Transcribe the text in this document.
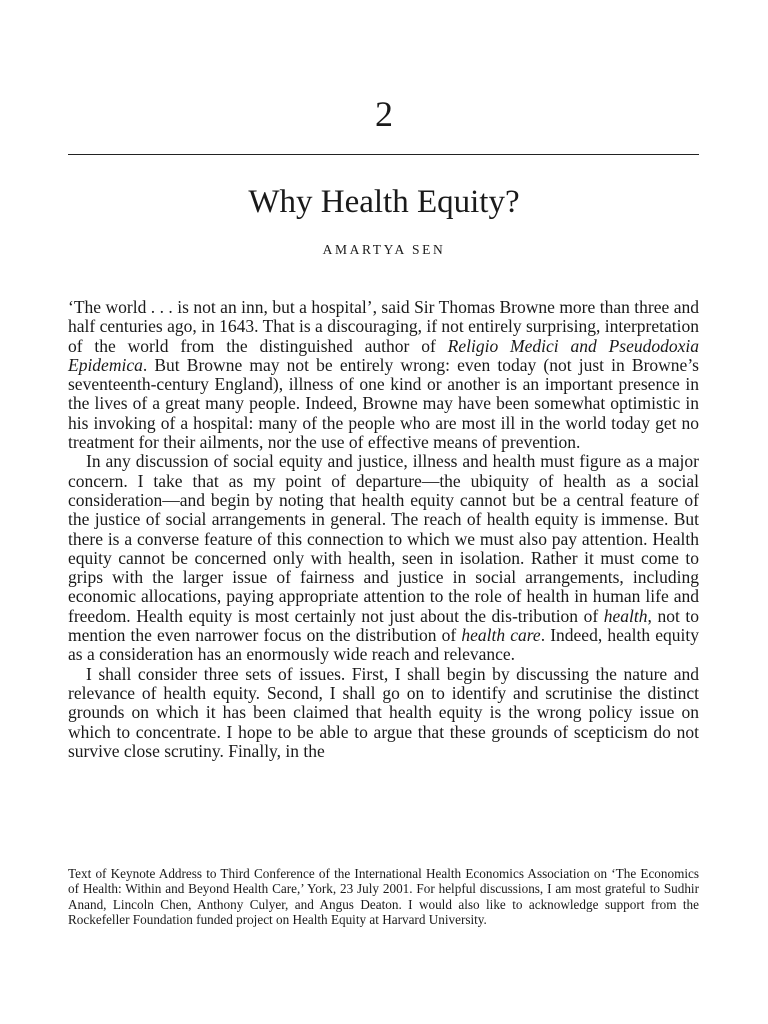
2
Why Health Equity?
AMARTYA SEN

‘The world . . . is not an inn, but a hospital’, said Sir Thomas Browne more than three and half centuries ago, in 1643. That is a discouraging, if not entirely surprising, interpretation of the world from the distinguished author of Religio Medici and Pseudodoxia Epidemica. But Browne may not be entirely wrong: even today (not just in Browne’s seventeenth-century England), illness of one kind or another is an important presence in the lives of a great many people. Indeed, Browne may have been somewhat optimistic in his invoking of a hospital: many of the people who are most ill in the world today get no treatment for their ailments, nor the use of effective means of prevention.

In any discussion of social equity and justice, illness and health must figure as a major concern. I take that as my point of departure—the ubiquity of health as a social consideration—and begin by noting that health equity cannot but be a central feature of the justice of social arrangements in general. The reach of health equity is immense. But there is a converse feature of this connection to which we must also pay attention. Health equity cannot be concerned only with health, seen in isolation. Rather it must come to grips with the larger issue of fairness and justice in social arrangements, including economic allocations, paying appropriate attention to the role of health in human life and freedom. Health equity is most certainly not just about the dis-tribution of health, not to mention the even narrower focus on the distribution of health care. Indeed, health equity as a consideration has an enormously wide reach and relevance.

I shall consider three sets of issues. First, I shall begin by discussing the nature and relevance of health equity. Second, I shall go on to identify and scrutinise the distinct grounds on which it has been claimed that health equity is the wrong policy issue on which to concentrate. I hope to be able to argue that these grounds of scepticism do not survive close scrutiny. Finally, in the

Text of Keynote Address to Third Conference of the International Health Economics Association on ‘The Economics of Health: Within and Beyond Health Care,’ York, 23 July 2001. For helpful discussions, I am most grateful to Sudhir Anand, Lincoln Chen, Anthony Culyer, and Angus Deaton. I would also like to acknowledge support from the Rockefeller Foundation funded project on Health Equity at Harvard University.
